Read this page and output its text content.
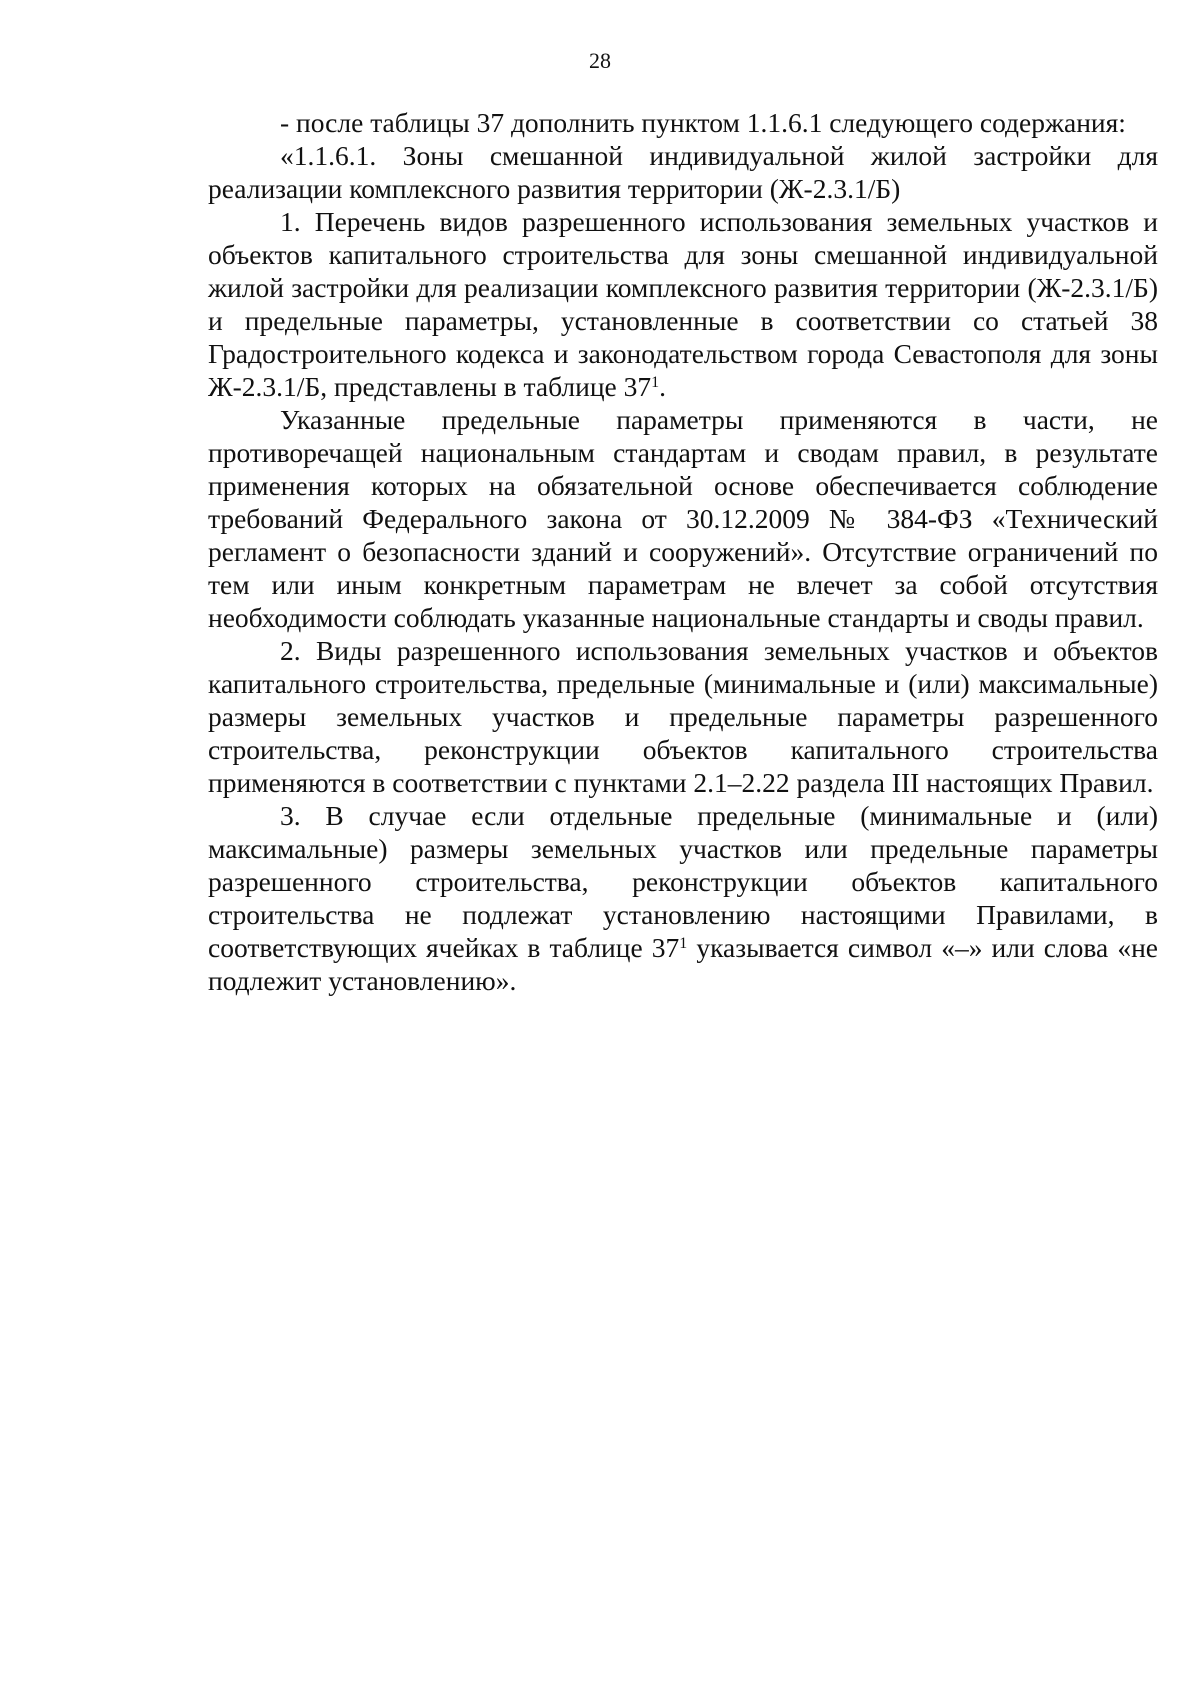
28

- после таблицы 37 дополнить пунктом 1.1.6.1 следующего содержания:

«1.1.6.1. Зоны смешанной индивидуальной жилой застройки для реализации комплексного развития территории (Ж-2.3.1/Б)

1. Перечень видов разрешенного использования земельных участков и объектов капитального строительства для зоны смешанной индивидуальной жилой застройки для реализации комплексного развития территории (Ж-2.3.1/Б) и предельные параметры, установленные в соответствии со статьей 38 Градостроительного кодекса и законодательством города Севастополя для зоны Ж-2.3.1/Б, представлены в таблице $37^1$.

Указанные предельные параметры применяются в части, не противоречащей национальным стандартам и сводам правил, в результате применения которых на обязательной основе обеспечивается соблюдение требований Федерального закона от 30.12.2009 № 384-ФЗ «Технический регламент о безопасности зданий и сооружений». Отсутствие ограничений по тем или иным конкретным параметрам не влечет за собой отсутствия необходимости соблюдать указанные национальные стандарты и своды правил.

2. Виды разрешенного использования земельных участков и объектов капитального строительства, предельные (минимальные и (или) максимальные) размеры земельных участков и предельные параметры разрешенного строительства, реконструкции объектов капитального строительства применяются в соответствии с пунктами 2.1–2.22 раздела III настоящих Правил.

3. В случае если отдельные предельные (минимальные и (или) максимальные) размеры земельных участков или предельные параметры разрешенного строительства, реконструкции объектов капитального строительства не подлежат установлению настоящими Правилами, в соответствующих ячейках в таблице $37^1$ указывается символ «–» или слова «не подлежит установлению».
